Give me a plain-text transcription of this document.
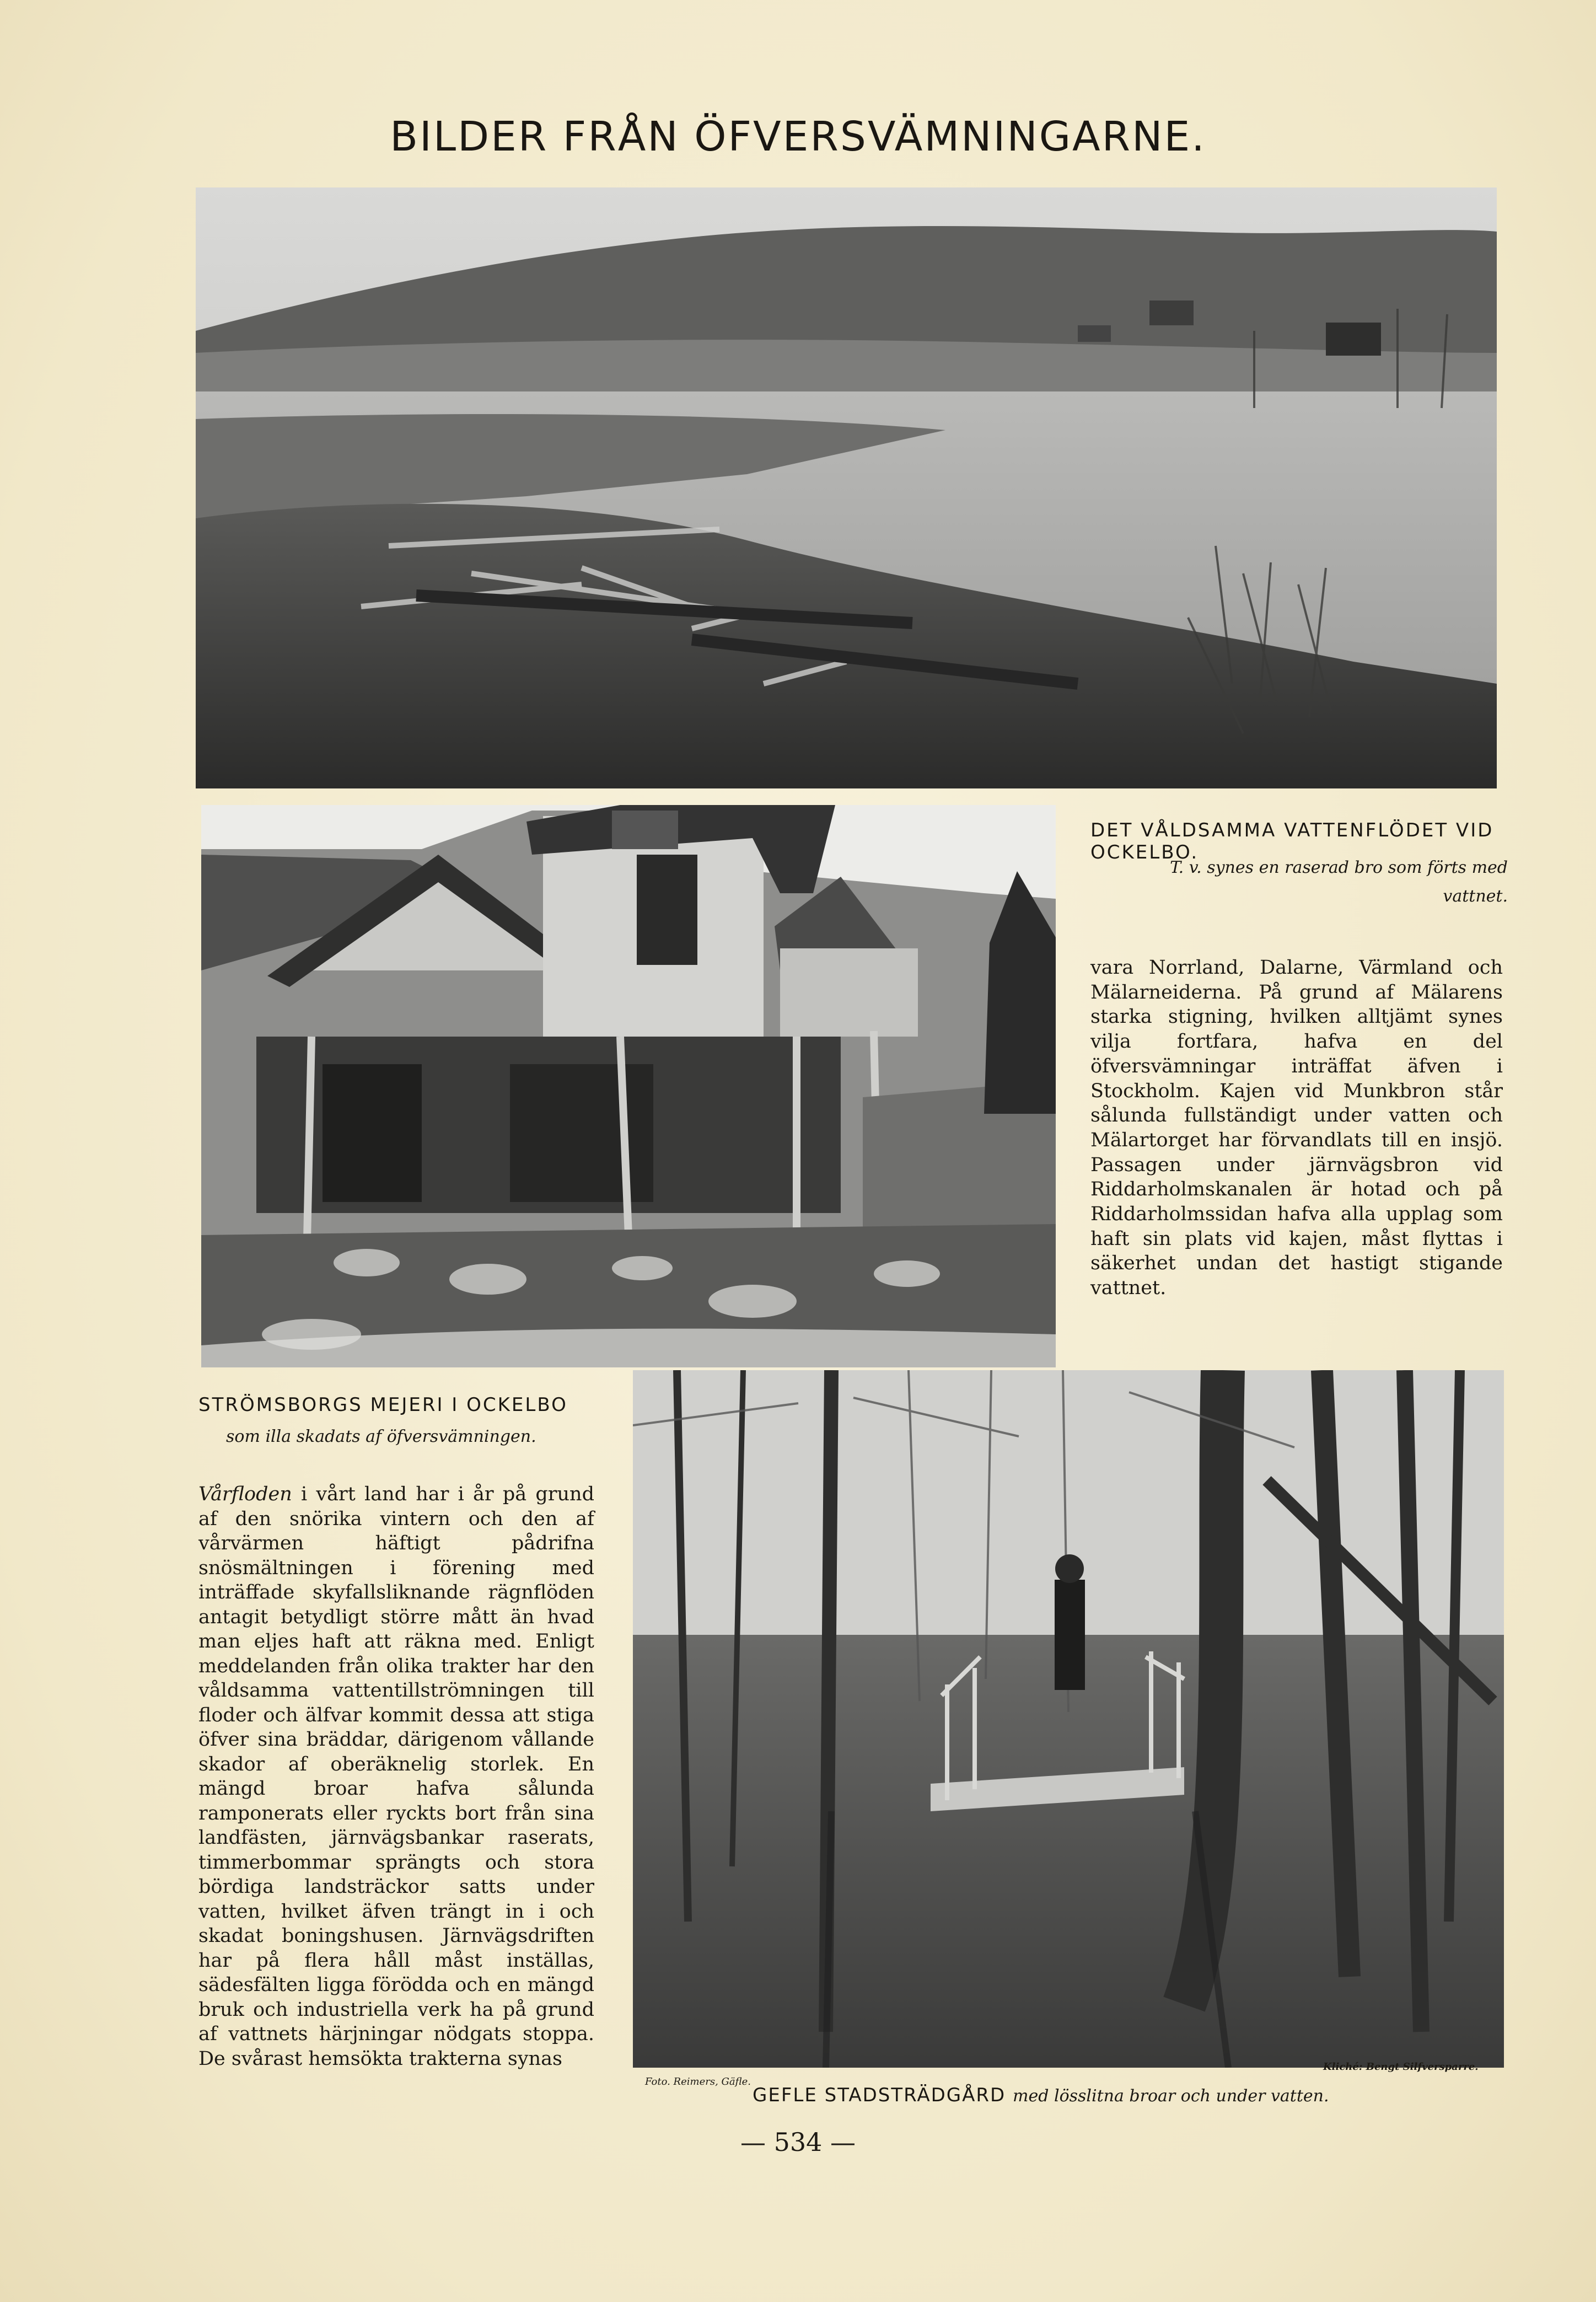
BILDER FRÅN ÖFVERSVÄMNINGARNE.
DET VÅLDSAMMA VATTENFLÖDET VID OCKELBO.
T. v. synes en raserad bro som förts med vattnet.
STRÖMSBORGS MEJERI I OCKELBO
som illa skadats af öfversvämningen.
Foto. Reimers, Gäfle.
Kliché: Bengt Silfversparre.
GEFLE STADSTRÄDGÅRD med lösslitna broar och under vatten.

vara Norrland, Dalarne, Värmland och Mälarneiderna. På grund af Mälarens starka stigning, hvilken alltjämt synes vilja fortfara, hafva en del öfversvämningar inträffat äfven i Stockholm. Kajen vid Munkbron står sålunda fullständigt under vatten och Mälartorget har förvandlats till en insjö. Passagen under järnvägsbron vid Riddarholmskanalen är hotad och på Riddarholmssidan hafva alla upplag som haft sin plats vid kajen, måst flyttas i säkerhet undan det hastigt stigande vattnet.

Vårfloden i vårt land har i år på grund af den snörika vintern och den af vårvärmen häftigt pådrifna snösmältningen i förening med inträffade skyfallsliknande rägnflöden antagit betydligt större mått än hvad man eljes haft att räkna med. Enligt meddelanden från olika trakter har den våldsamma vattentillströmningen till floder och älfvar kommit dessa att stiga öfver sina bräddar, därigenom vållande skador af oberäknelig storlek. En mängd broar hafva sålunda ramponerats eller ryckts bort från sina landfästen, järnvägsbankar raserats, timmerbommar sprängts och stora bördiga landsträckor satts under vatten, hvilket äfven trängt in i och skadat boningshusen. Järnvägsdriften har på flera håll måst inställas, sädesfälten ligga förödda och en mängd bruk och industriella verk ha på grund af vattnets härjningar nödgats stoppa. De svårast hemsökta trakterna synas

— 534 —
